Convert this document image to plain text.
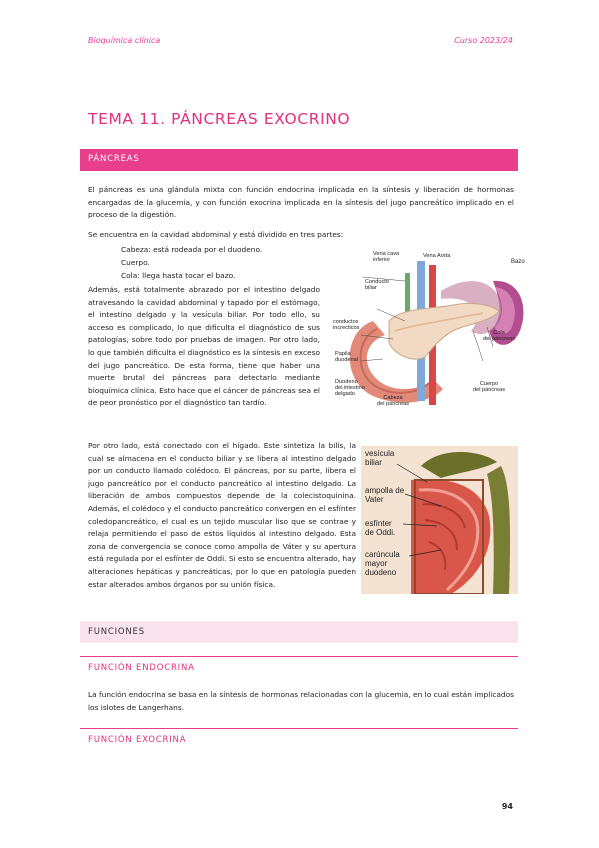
Bioquímica clínica	Curso 2023/24
TEMA 11. PÁNCREAS EXOCRINO
PÁNCREAS
El páncreas es una glándula mixta con función endocrina implicada en la síntesis y liberación de hormonas encargadas de la glucemia, y con función exocrina implicada en la síntesis del jugo pancreático implicado en el proceso de la digestión.
Se encuentra en la cavidad abdominal y está dividido en tres partes:
Cabeza: está rodeada por el duodeno.
Cuerpo.
Cola: llega hasta tocar el bazo.
Además, está totalmente abrazado por el intestino delgado atravesando la cavidad abdominal y tapado por el estómago, el intestino delgado y la vesícula biliar. Por todo ello, su acceso es complicado, lo que dificulta el diagnóstico de sus patologías, sobre todo por pruebas de imagen. Por otro lado, lo que también dificulta el diagnóstico es la síntesis en exceso del jugo pancreático. De esta forma, tiene que haber una muerte brutal del páncreas para detectarlo mediante bioquímica clínica. Esto hace que el cáncer de páncreas sea el de peor pronóstico por el diagnóstico tan tardío.
Vena cava
inferior
Vena Aorta
Bazo
Conducto
biliar
conductos
increcticos
Cola
del páncreas
Papila
duodenal
Duodeno
del intestino
delgado
Cabeza
del páncreas
Cuerpo
del páncreas
Por otro lado, está conectado con el hígado. Este sintetiza la bilis, la cual se almacena en el conducto biliar y se libera al intestino delgado por un conducto llamado colédoco. El páncreas, por su parte, libera el jugo pancreático por el conducto pancreático al intestino delgado. La liberación de ambos compuestos depende de la colecistoquinina. Además, el colédoco y el conducto pancreático convergen en el esfínter coledopancreático, el cual es un tejido muscular liso que se contrae y relaja permitiendo el paso de estos líquidos al intestino delgado. Esta zona de convergencia se conoce como ampolla de Váter y su apertura está regulada por el esfínter de Oddi. Si esto se encuentra alterado, hay alteraciones hepáticas y pancreáticas, por lo que en patología pueden estar alterados ambos órganos por su unión física.
vesícula
biliar
ampolla de
Vater
esfínter
de Oddi.
carúncula
mayor
duodeno
FUNCIONES
FUNCIÓN ENDOCRINA
La función endocrina se basa en la síntesis de hormonas relacionadas con la glucemia, en lo cual están implicados los islotes de Langerhans.
FUNCIÓN EXOCRINA
94
